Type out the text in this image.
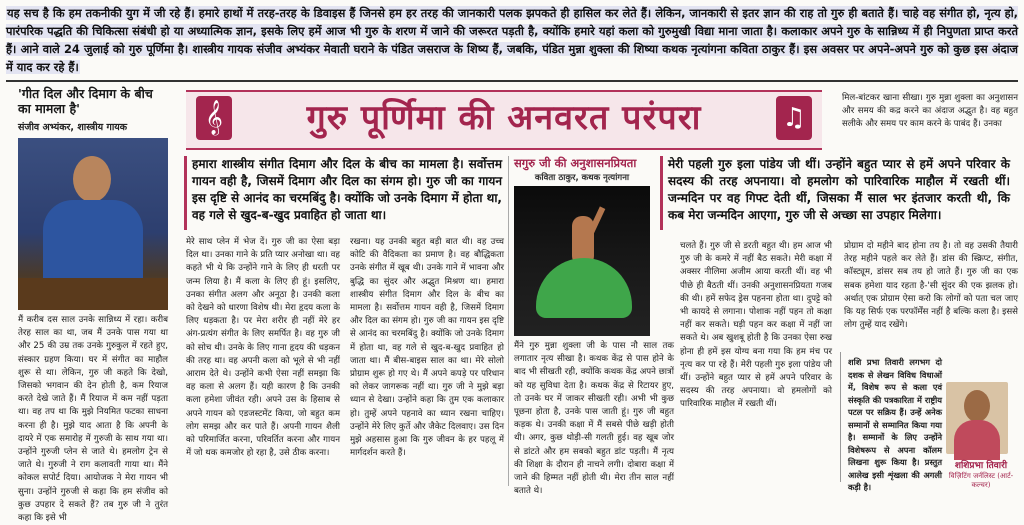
यह सच है कि हम तकनीकी युग में जी रहे हैं। हमारे हाथों में तरह-तरह के डिवाइस हैं जिनसे हम हर तरह की जानकारी पलक झपकते ही हासिल कर लेते हैं। लेकिन, जानकारी से इतर ज्ञान की राह तो गुरु ही बताते हैं। चाहे वह संगीत हो, नृत्य हो, पारंपरिक पद्धति की चिकित्सा संबंधी हो या अध्यात्मिक ज्ञान, इसके लिए हमें आज भी गुरु के शरण में जाने की जरूरत पड़ती है, क्योंकि हमारे यहां कला को गुरुमुखी विद्या माना जाता है। कलाकार अपने गुरु के सान्निध्य में ही निपुणता प्राप्त करते हैं। आने वाले 24 जुलाई को गुरु पूर्णिमा है। शास्त्रीय गायक संजीव अभ्यंकर मेवाती घराने के पंडित जसराज के शिष्य हैं, जबकि, पंडित मुन्ना शुक्ला की शिष्या कथक नृत्यांगना कविता ठाकुर हैं। इस अवसर पर अपने-अपने गुरु को कुछ इस अंदाज में याद कर रहे हैं।
'गीत दिल और दिमाग के बीच का मामला है'
संजीव अभ्यंकर, शास्त्रीय गायक
मैं करीब दस साल उनके सान्निध्य में रहा। करीब तेरह साल का था, जब मैं उनके पास गया था और 25 की उम्र तक उनके गुरुकुल में रहते हुए, संस्कार ग्रहण किया। घर में संगीत का माहौल शुरू से था। लेकिन, गुरु जी कहते कि देखो, जिसको भगवान की देन होती है, कम रियाज करते देखे जाते हैं। मैं रियाज में कम नहीं पड़ता था। वह तप था कि मुझे नियमित फटका साधना करना ही है। मुझे याद आता है कि अपनी के दायरे में एक समारोह में गुरुजी के साथ गया था। उन्होंने गुरुजी प्लेन से जाते थे। हमलोग ट्रेन से जाते थे। गुरुजी ने राग कलावती गाया था। मैंने कोकल सपोर्ट दिया। आयोजक ने मेरा गायन भी सुना। उन्होंने गुरुजी से कहा कि हम संजीव को कुछ उपहार दे सकते हैं? तब गुरु जी ने तुरंत कहा कि इसे भी
𝄞	गुरु पूर्णिमा की अनवरत परंपरा	♫
हमारा शास्त्रीय संगीत दिमाग और दिल के बीच का मामला है। सर्वोत्तम गायन वही है, जिसमें दिमाग और दिल का संगम हो। गुरु जी का गायन इस दृष्टि से आनंद का चरमबिंदु है। क्योंकि जो उनके दिमाग में होता था, वह गले से खुद-ब-खुद प्रवाहित हो जाता था।
मेरे साथ प्लेन में भेज दें। गुरु जी का ऐसा बड़ा दिल था। उनका गाने के प्रति प्यार अनोखा था। वह कहते भी थे कि उन्होंने गाने के लिए ही धरती पर जन्म लिया है। मैं कला के लिए ही हूं। इसलिए, उनका संगीत अलग और अनूठा है। उनकी कला को देखने को धारणा विशेष थी। मेरा हृदय कला के लिए धड़कता है। पर मेरा शरीर ही नहीं मेरे हर अंग-प्रत्यंग संगीत के लिए समर्पित है। वह गुरु जी को सोच थी। उनके के लिए गाना हृदय की धड़कन की तरह था। वह अपनी कला को भूले से भी नहीं आराम देते थे। उन्होंने कभी ऐसा नहीं समझा कि वह कला से अलग हैं। यही कारण है कि उनकी कला हमेशा जीवंत रही। अपने उस के हिसाब से अपने गायन को एडजस्टमेंट किया, जो बहुत कम लोग समझ और कर पाते हैं। अपनी गायन शैली को परिमार्जित करना, परिवर्तित करना और गायन में जो थक कमजोर हो रहा है, उसे ठीक करना।
रखना। यह उनकी बहुत बड़ी बात थी। वह उच्च कोटि की वैदिकता का प्रमाण है। वह बौद्धिकता उनके संगीत में खूब थी। उनके गाने में भावना और बुद्धि का सुंदर और अद्भुत मिश्रण था। हमारा शास्त्रीय संगीत दिमाग और दिल के बीच का मामला है। सर्वोत्तम गायन वही है, जिसमें दिमाग और दिल का संगम हो। गुरु जी का गायन इस दृष्टि से आनंद का चरमबिंदु है। क्योंकि जो उनके दिमाग में होता था, वह गले से खुद-ब-खुद प्रवाहित हो जाता था। मैं बीस-बाइस साल का था। मेरे सोलो प्रोग्राम शुरू हो गए थे। मैं अपने कपड़े पर परिधान को लेकर जागरूक नहीं था। गुरु जी ने मुझे बड़ा ध्यान से देखा। उन्होंने कहा कि तुम एक कलाकार हो। तुम्हें अपने पहनावे का ध्यान रखना चाहिए। उन्होंने मेरे लिए कुर्ते और जैकेट दिलवाए। उस दिन मुझे अहसास हुआ कि गुरु जीवन के हर पहलू में मार्गदर्शन करते हैं।
सगुरु जी की अनुशासनप्रियता
कविता ठाकुर, कथक नृत्यांगना
मैंने गुरु मुन्ना शुक्ला जी के पास नौ साल तक लगातार नृत्य सीखा है। कथक केंद्र से पास होने के बाद भी सीखती रही, क्योंकि कथक केंद्र अपने छात्रों को यह सुविधा देता है। कथक केंद्र से रिटायर हुए, तो उनके घर में जाकर सीखती रही। अभी भी कुछ पूछना होता है, उनके पास जाती हूं। गुरु जी बहुत कड़क थे। उनकी कक्षा में मैं सबसे पीछे खड़ी होती थी। अगर, कुछ थोड़ी-सी गलती हुई। वह खूब जोर से डांटते और हम सबको बहुत डांट पड़ती। मैं नृत्य की शिक्षा के दौरान ही नाचने लगी। दोबारा कक्षा में जाने की हिम्मत नहीं होती थी। मेरा तीन साल नहीं बताते थे।
मेरी पहली गुरु इला पांडेय जी थीं। उन्होंने बहुत प्यार से हमें अपने परिवार के सदस्य की तरह अपनाया। वो हमलोग को पारिवारिक माहौल में रखती थीं। जन्मदिन पर वह गिफ्ट देती थीं, जिसका मैं साल भर इंतजार करती थी, कि कब मेरा जन्मदिन आएगा, गुरु जी से अच्छा सा उपहार मिलेगा।
चलते हैं। गुरु जी से डरती बहुत थी। हम आज भी गुरु जी के कमरे में नहीं बैठ सकते। मेरी कक्षा में अक्सर नीलिमा अजीम आया करती थीं। वह भी पीछे ही बैठती थीं। उनकी अनुशासनप्रियता गजब की थी। हमें सफेद ड्रेस पहनना होता था। दुपट्टे को भी कायदे से लगाना। पोशाक नहीं पहन तो कक्षा नहीं कर सकते। घड़ी पहन कर कक्षा में नहीं जा सकते थे। अब खुशबू होती है कि उनका ऐसा रुख होना ही हमें इस योग्य बना गया कि हम मंच पर नृत्य कर पा रहे हैं। मेरी पहली गुरु इला पांडेय जी थीं। उन्होंने बहुत प्यार से हमें अपने परिवार के सदस्य की तरह अपनाया। वो हमलोगों को पारिवारिक माहौल में रखती थीं।
मिल-बांटकर खाना सीखा। गुरु मुन्ना शुक्ला का अनुशासन और समय की कद्र करने का अंदाज अद्भुत है। वह बहुत सलीके और समय पर काम करने के पाबंद हैं। उनका
प्रोग्राम दो महीने बाद होना तय है। तो वह उसकी तैयारी तेरह महीने पहले कर लेते हैं। डांस की स्क्रिप्ट, संगीत, कॉस्ट्यूम, डांसर सब तय हो जाते हैं। गुरु जी का एक सबक हमेशा याद रहता है-'सी सुंदर की एक झलक हो। अर्थात्‌ एक प्रोग्राम ऐसा करो कि लोगों को पता चल जाए कि यह सिर्फ एक परफॉर्मेंस नहीं है बल्कि कला है। इससे लोग तुम्हें याद रखेंगे।
शशि प्रभा तिवारी लगभग दो दशक से लेखन विविध विधाओं में, विशेष रूप से कला एवं संस्कृति की पत्रकारिता में राष्ट्रीय पटल पर सक्रिय हैं। उन्हें अनेक सम्मानों से सम्मानित किया गया है। सम्मानों के लिए उन्होंने विशेषरूप से अपना कॉलम लिखना शुरू किया है। प्रस्तुत आलेख इसी शृंखला की अगली कड़ी है।
शशिप्रभा तिवारी
विज़िटिंग जर्नलिस्ट (आर्ट-कल्चर)
